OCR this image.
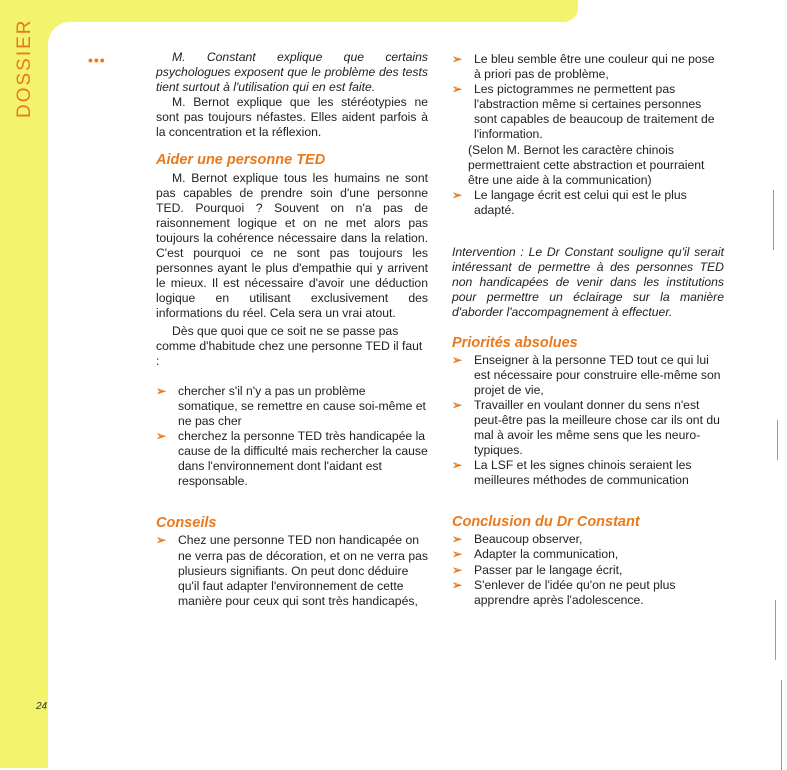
DOSSIER
24
•••	M. Constant explique que certains psychologues exposent que le problème des tests tient surtout à l'utilisation qui en est faite.

M. Bernot explique que les stéréotypies ne sont pas toujours néfastes. Elles aident parfois à la concentration et la réflexion.

Aider une personne TED

M. Bernot explique tous les humains ne sont pas capables de prendre soin d'une personne TED. Pourquoi ? Souvent on n'a pas de raisonnement logique et on ne met alors pas toujours la cohérence nécessaire dans la relation. C'est pourquoi ce ne sont pas toujours les personnes ayant le plus d'empathie qui y arrivent le mieux. Il est nécessaire d'avoir une déduction logique en utilisant exclusivement des informations du réel. Cela sera un vrai atout.

Dès que quoi que ce soit ne se passe pas comme d'habitude chez une personne TED il faut :

➢ chercher s'il n'y a pas un problème somatique, se remettre en cause soi-même et ne pas cher
➢ cherchez la personne TED très handicapée la cause de la difficulté mais rechercher la cause dans l'environnement dont l'aidant est responsable.
Conseils
➢ Chez une personne TED non handicapée on ne verra pas de décoration, et on ne verra pas plusieurs signifiants. On peut donc déduire qu'il faut adapter l'environnement de cette manière pour ceux qui sont très handicapés,
➢ Le bleu semble être une couleur qui ne pose à priori pas de problème,
➢ Les pictogrammes ne permettent pas l'abstraction même si certaines personnes sont capables de beaucoup de traitement de l'information.

(Selon M. Bernot les caractère chinois permettraient cette abstraction et pourraient être une aide à la communication)

➢ Le langage écrit est celui qui est le plus adapté.

Intervention : Le Dr Constant souligne qu'il serait intéressant de permettre à des personnes TED non handicapées de venir dans les institutions pour permettre un éclairage sur la manière d'aborder l'accompagnement à effectuer.

Priorités absolues
➢ Enseigner à la personne TED tout ce qui lui est nécessaire pour construire elle-même son projet de vie,
➢ Travailler en voulant donner du sens n'est peut-être pas la meilleure chose car ils ont du mal à avoir les même sens que les neuro-typiques.
➢ La LSF et les signes chinois seraient les meilleures méthodes de communication
Conclusion du Dr Constant
➢ Beaucoup observer,
➢ Adapter la communication,
➢ Passer par le langage écrit,
➢ S'enlever de l'idée qu'on ne peut plus apprendre après l'adolescence.
